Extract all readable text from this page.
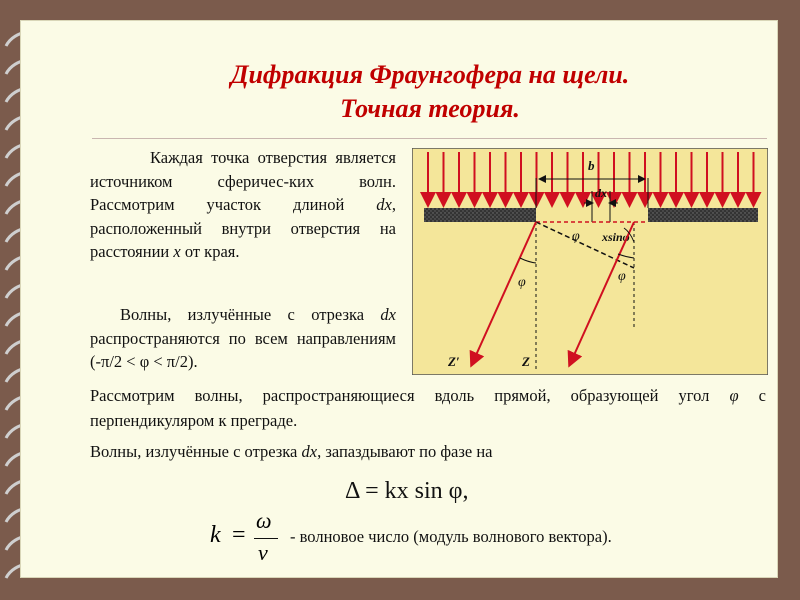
Дифракция Фраунгофера на щели.
Точная теория.
Каждая точка отверстия является источником сферичес-ких волн. Рассмотрим участок длиной dx, расположенный внутри отверстия на расстоянии x от края.
Волны, излучённые с отрезка dx распространяются по всем направлениям (-π/2 < φ < π/2).
b
dx
xsinφ
φ
φ
φ
Z′	Z
Рассмотрим волны, распространяющиеся вдоль прямой, образующей угол φ с перпендикуляром к преграде.
Волны, излучённые с отрезка dx, запаздывают по фазе на
Δ = kx sin φ,
k =
ω
v
- волновое число (модуль волнового вектора).
